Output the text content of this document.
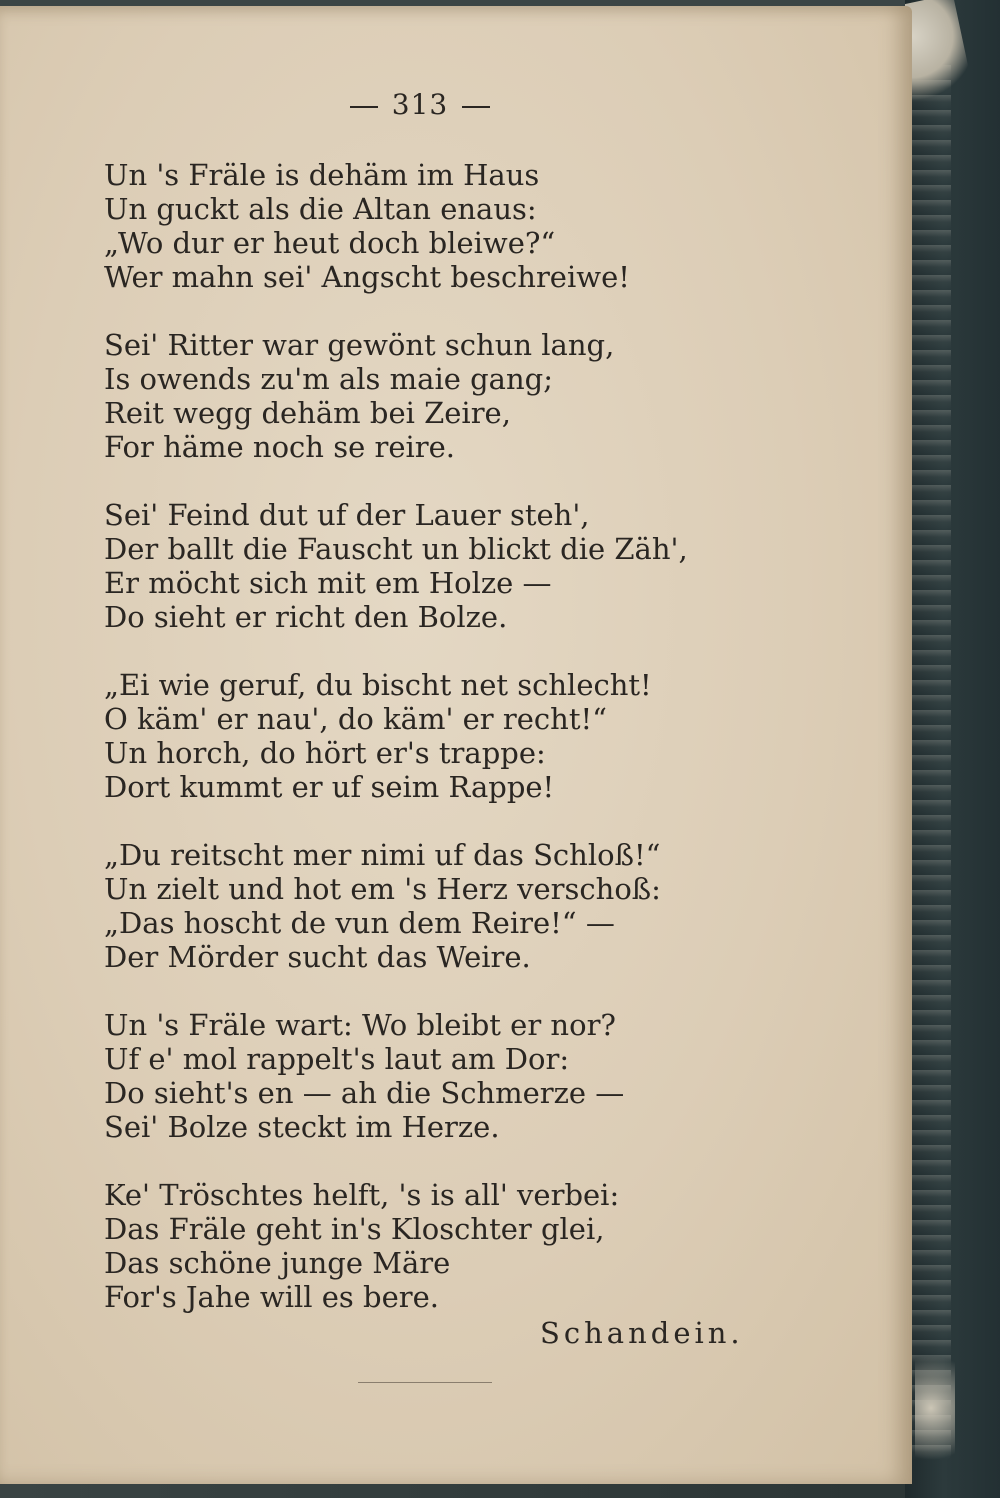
313
Un 's Fräle is dehäm im Haus
Un guckt als die Altan enaus:
„Wo dur er heut doch bleiwe?“
Wer mahn sei' Angscht beschreiwe!
Sei' Ritter war gewönt schun lang,
Is owends zu'm als maie gang;
Reit wegg dehäm bei Zeire,
For häme noch se reire.
Sei' Feind dut uf der Lauer steh',
Der ballt die Fauscht un blickt die Zäh',
Er möcht sich mit em Holze —
Do sieht er richt den Bolze.
„Ei wie geruf, du bischt net schlecht!
O käm' er nau', do käm' er recht!“
Un horch, do hört er's trappe:
Dort kummt er uf seim Rappe!
„Du reitscht mer nimi uf das Schloß!“
Un zielt und hot em 's Herz verschoß:
„Das hoscht de vun dem Reire!“ —
Der Mörder sucht das Weire.
Un 's Fräle wart: Wo bleibt er nor?
Uf e' mol rappelt's laut am Dor:
Do sieht's en — ah die Schmerze —
Sei' Bolze steckt im Herze.
Ke' Tröschtes helft, 's is all' verbei:
Das Fräle geht in's Kloschter glei,
Das schöne junge Märe
For's Jahe will es bere.
Schandein.
